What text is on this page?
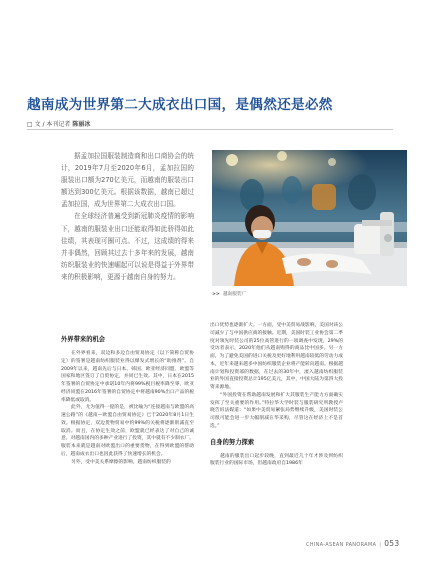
越南成为世界第二大成衣出口国，是偶然还是必然
□ 文 / 本刊记者 陈丽冰

据孟加拉国服装制造商和出口商协会的统计，2019年7月至2020年6月，孟加拉国的服装出口额为270亿美元，而越南的服装出口额达到300亿美元。根据该数据，越南已超过孟加拉国，成为世界第二大成衣出口国。

在全球经济普遍受到新冠肺炎疫情的影响下，越南的服装业出口还能取得如此骄得如此佳绩，其表现可圈可点。不过，这成绩的得来并非偶然，回顾其过去十多年来的发展，越南纺织服装业的快速崛起可以说是得益于外界带来的积极影响，更源于越南自身的努力。

>> 越南服装厂
外界带来的机会

在外界看来，双边和多边自由贸易协定（以下简称自贸协定）的签署是越南纺织服装业得以爆发式增长的“助推剂”。自2009年以来，越南先后与日本、韩国、欧亚经济同盟、欧盟等国家和地区签订了自贸协定，并同已生效。其中，日本在2015年签署的自贸协定中承诺10年内将99%税目税率降至零，欧亚经济同盟在2016年签署的自贸协定中将越南90%出口产品的税率降低或取消。

此外，尤为值得一提的是，被比喻为“连接越南与欧盟的高速公路”的《越南—欧盟自由贸易协定》已于2020年8月1日生效。根据协定，双边货物贸易中约99%的关税将逐渐削减直至取消。而且，在协定生效之前，欧盟就已经表达了对自己的诚意，对越南国内的多种产业进行了投资，其中就有不少制衣厂。服装本来就是越南对欧盟出口的重要货物，在得到欧盟的帮助后，越南成衣出口也因此获得了快速增长的机会。

另外，受中美关系摩擦的影响，越南纺织服装的

出口优势也逐渐扩大。一方面，受中美贸易战影响，美国对该公司减少了与中国供应商的接触。近期，美国时装工业协会第二季度对领先时装公司的25位高管进行的一项调查中发现，29%的受访者表示，2020年他们从越南购得的商品比中国多。另一方面，为了避免美国的进口关税及更好地利用越南较低的劳动力成本，近年来越来越多中国纺织服装企业将产能转向越南。根据越南计划和投资部的数据，在过去的30年中，流入越南纺织服装业的外国直接投资总计195亿美元，其中，中国大陆为第四大投资来源地。

“外国投资在帮助越南发展和扩大其服装生产能力方面确实发挥了至关重要的作用。”特拉华大学时装与服装研究所教授卢晓告诉法媒道：“如果中美贸易紧张局势继续升级，美国时装公司很可能会进一步大幅削减在华采购，尽管这在经济上不是首选。”

自身的努力探索

越南的服装出口起步较晚，直到最近几十年才涉及到纺织服装行业的国际市场，但越南政府自1986年

CHINA-ASEAN PANORAMA | 053
